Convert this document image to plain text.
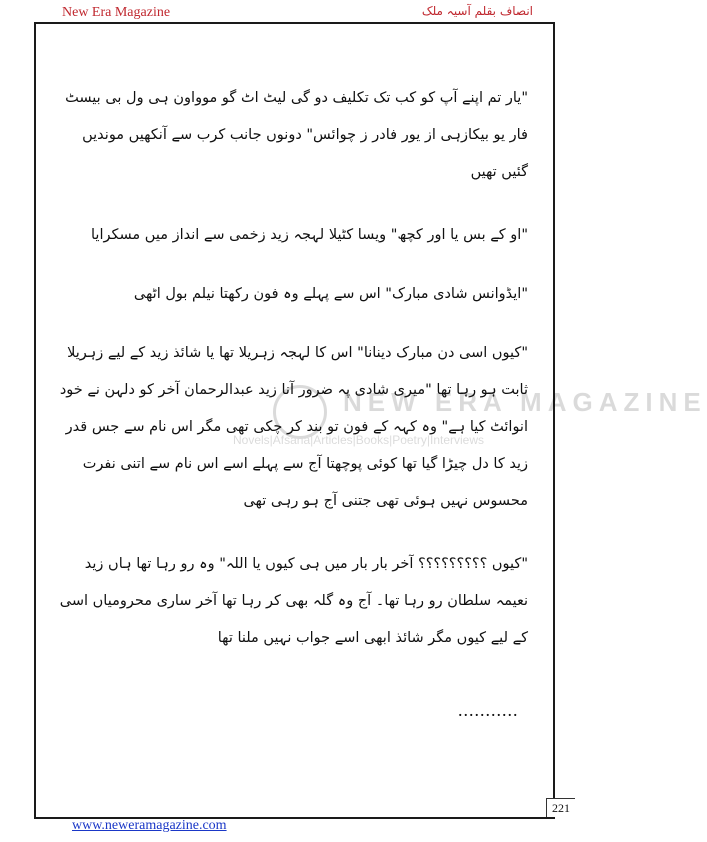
New Era Magazine	انصاف بقلم آسیہ ملک
NEW ERA MAGAZINE
Novels|Afsana|Articles|Books|Poetry|Interviews

"یار تم اپنے آپ کو کب تک تکلیف دو گی لیٹ اٹ گو موواون ہی ول بی بیسٹ فار یو بیکازہی از یور فادر ز چوائس" دونوں جانب کرب سے آنکھیں موندیں گئیں تھیں

"او کے بس یا اور کچھ" ویسا کٹیلا لہجہ زید زخمی سے انداز میں مسکرایا

"ایڈوانس شادی مبارک" اس سے پہلے وہ فون رکھتا نیلم بول اٹھی

"کیوں اسی دن مبارک دینانا" اس کا لہجہ زہریلا تھا یا شائذ زید کے لیے زہریلا ثابت ہو رہا تھا "میری شادی پہ ضرور آنا زید عبدالرحمان آخر کو دلہن نے خود انوائٹ کیا ہے" وہ کہہ کے فون تو بند کر چکی تھی مگر اس نام سے جس قدر زید کا دل چیڑا گیا تھا کوئی پوچھتا آج سے پہلے اسے اس نام سے اتنی نفرت محسوس نہیں ہوئی تھی جتنی آج ہو رہی تھی

"کیوں ؟؟؟؟؟؟؟؟؟ آخر بار بار میں ہی کیوں یا اللہ" وہ رو رہا تھا ہاں زید نعیمہ سلطان رو رہا تھا۔ آج وہ گلہ بھی کر رہا تھا آخر ساری محرومیاں اسی کے لیے کیوں مگر شائذ ابھی اسے جواب نہیں ملنا تھا

...........
221
www.neweramagazine.com
